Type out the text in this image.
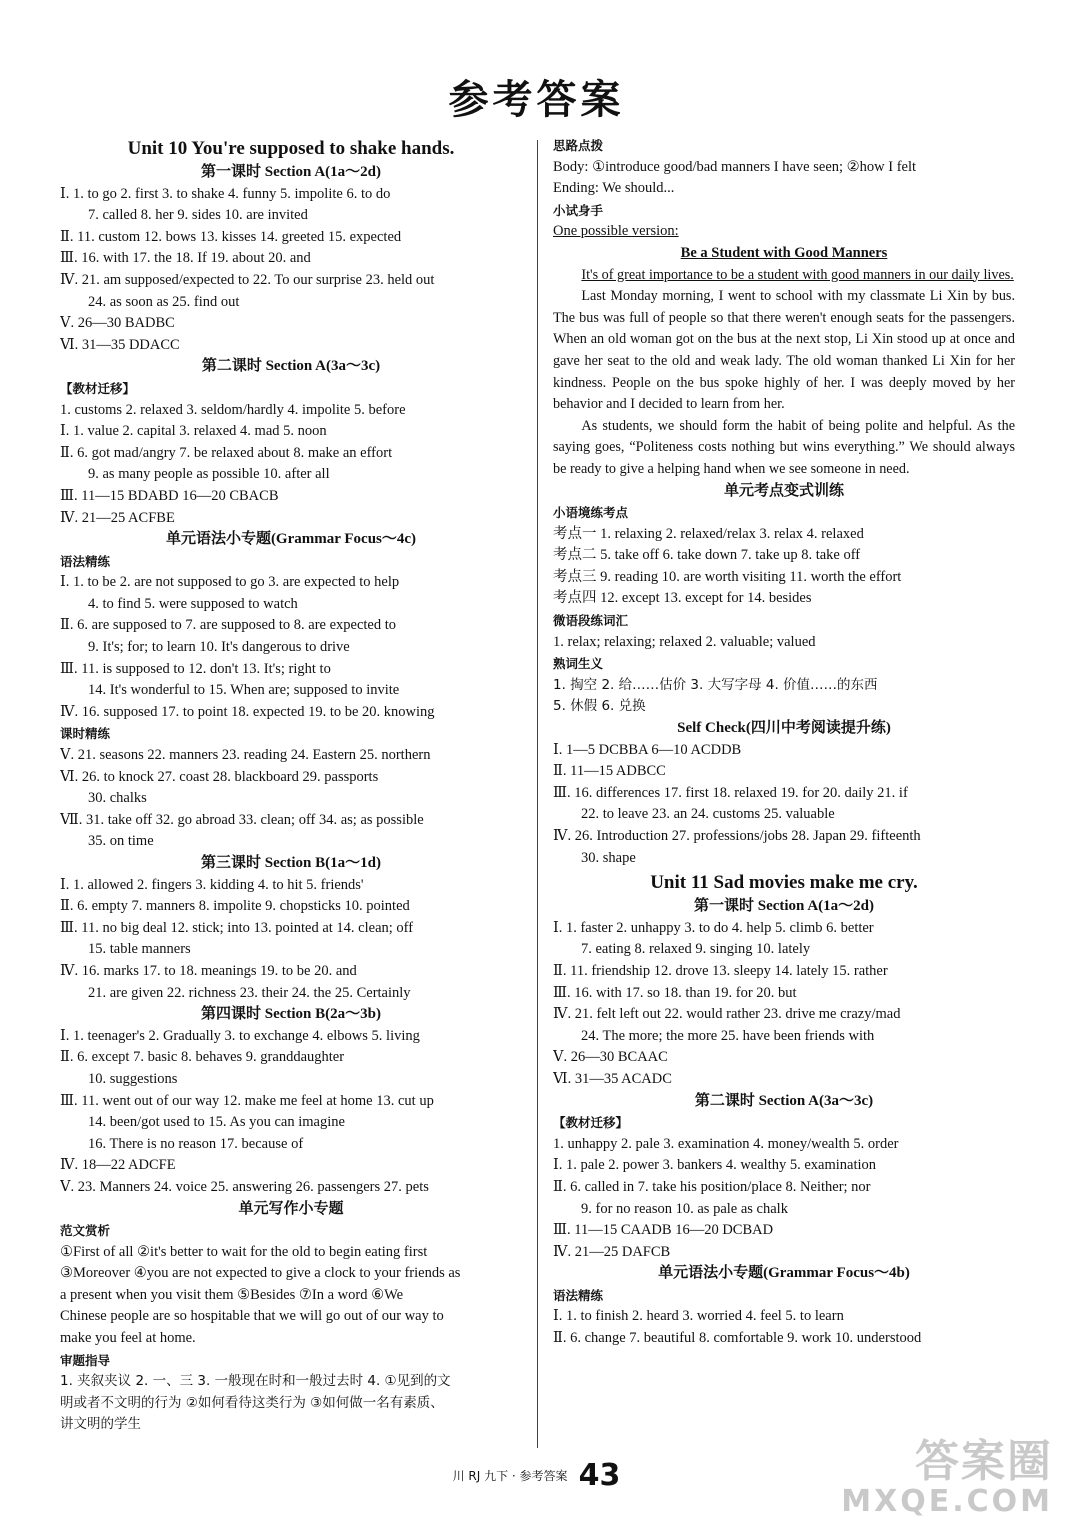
参考答案
Unit 10 You're supposed to shake hands.
第一课时 Section A(1a～2d)
Ⅰ. 1. to go 2. first 3. to shake 4. funny 5. impolite 6. to do
7. called 8. her 9. sides 10. are invited
Ⅱ. 11. custom 12. bows 13. kisses 14. greeted 15. expected
Ⅲ. 16. with 17. the 18. If 19. about 20. and
Ⅳ. 21. am supposed/expected to 22. To our surprise 23. held out
24. as soon as 25. find out
Ⅴ. 26—30 BADBC
Ⅵ. 31—35 DDACC
第二课时 Section A(3a～3c)
【教材迁移】
1. customs 2. relaxed 3. seldom/hardly 4. impolite 5. before
Ⅰ. 1. value 2. capital 3. relaxed 4. mad 5. noon
Ⅱ. 6. got mad/angry 7. be relaxed about 8. make an effort
9. as many people as possible 10. after all
Ⅲ. 11—15 BDABD 16—20 CBACB
Ⅳ. 21—25 ACFBE
单元语法小专题(Grammar Focus～4c)
语法精练
Ⅰ. 1. to be 2. are not supposed to go 3. are expected to help
4. to find 5. were supposed to watch
Ⅱ. 6. are supposed to 7. are supposed to 8. are expected to
9. It's; for; to learn 10. It's dangerous to drive
Ⅲ. 11. is supposed to 12. don't 13. It's; right to
14. It's wonderful to 15. When are; supposed to invite
Ⅳ. 16. supposed 17. to point 18. expected 19. to be 20. knowing
课时精练
Ⅴ. 21. seasons 22. manners 23. reading 24. Eastern 25. northern
Ⅵ. 26. to knock 27. coast 28. blackboard 29. passports
30. chalks
Ⅶ. 31. take off 32. go abroad 33. clean; off 34. as; as possible
35. on time
第三课时 Section B(1a～1d)
Ⅰ. 1. allowed 2. fingers 3. kidding 4. to hit 5. friends'
Ⅱ. 6. empty 7. manners 8. impolite 9. chopsticks 10. pointed
Ⅲ. 11. no big deal 12. stick; into 13. pointed at 14. clean; off
15. table manners
Ⅳ. 16. marks 17. to 18. meanings 19. to be 20. and
21. are given 22. richness 23. their 24. the 25. Certainly
第四课时 Section B(2a～3b)
Ⅰ. 1. teenager's 2. Gradually 3. to exchange 4. elbows 5. living
Ⅱ. 6. except 7. basic 8. behaves 9. granddaughter
10. suggestions
Ⅲ. 11. went out of our way 12. make me feel at home 13. cut up
14. been/got used to 15. As you can imagine
16. There is no reason 17. because of
Ⅳ. 18—22 ADCFE
Ⅴ. 23. Manners 24. voice 25. answering 26. passengers 27. pets
单元写作小专题
范文赏析
①First of all ②it's better to wait for the old to begin eating first
③Moreover ④you are not expected to give a clock to your friends as
a present when you visit them ⑤Besides ⑦In a word ⑥We
Chinese people are so hospitable that we will go out of our way to
make you feel at home.
审题指导
1. 夹叙夹议 2. 一、三 3. 一般现在时和一般过去时 4. ①见到的文
明或者不文明的行为 ②如何看待这类行为 ③如何做一名有素质、
讲文明的学生
思路点拨
Body: ①introduce good/bad manners I have seen; ②how I felt
Ending: We should...
小试身手
One possible version:
Be a Student with Good Manners

It's of great importance to be a student with good manners in our daily lives.

Last Monday morning, I went to school with my classmate Li Xin by bus. The bus was full of people so that there weren't enough seats for the passengers. When an old woman got on the bus at the next stop, Li Xin stood up at once and gave her seat to the old and weak lady. The old woman thanked Li Xin for her kindness. People on the bus spoke highly of her. I was deeply moved by her behavior and I decided to learn from her.

As students, we should form the habit of being polite and helpful. As the saying goes, “Politeness costs nothing but wins everything.” We should always be ready to give a helping hand when we see someone in need.

单元考点变式训练
小语境练考点
考点一 1. relaxing 2. relaxed/relax 3. relax 4. relaxed
考点二 5. take off 6. take down 7. take up 8. take off
考点三 9. reading 10. are worth visiting 11. worth the effort
考点四 12. except 13. except for 14. besides
微语段练词汇
1. relax; relaxing; relaxed 2. valuable; valued
熟词生义
1. 掏空 2. 给……估价 3. 大写字母 4. 价值……的东西
5. 休假 6. 兑换
Self Check(四川中考阅读提升练)
Ⅰ. 1—5 DCBBA 6—10 ACDDB
Ⅱ. 11—15 ADBCC
Ⅲ. 16. differences 17. first 18. relaxed 19. for 20. daily 21. if
22. to leave 23. an 24. customs 25. valuable
Ⅳ. 26. Introduction 27. professions/jobs 28. Japan 29. fifteenth
30. shape
Unit 11 Sad movies make me cry.
第一课时 Section A(1a～2d)
Ⅰ. 1. faster 2. unhappy 3. to do 4. help 5. climb 6. better
7. eating 8. relaxed 9. singing 10. lately
Ⅱ. 11. friendship 12. drove 13. sleepy 14. lately 15. rather
Ⅲ. 16. with 17. so 18. than 19. for 20. but
Ⅳ. 21. felt left out 22. would rather 23. drive me crazy/mad
24. The more; the more 25. have been friends with
Ⅴ. 26—30 BCAAC
Ⅵ. 31—35 ACADC
第二课时 Section A(3a～3c)
【教材迁移】
1. unhappy 2. pale 3. examination 4. money/wealth 5. order
Ⅰ. 1. pale 2. power 3. bankers 4. wealthy 5. examination
Ⅱ. 6. called in 7. take his position/place 8. Neither; nor
9. for no reason 10. as pale as chalk
Ⅲ. 11—15 CAADB 16—20 DCBAD
Ⅳ. 21—25 DAFCB
单元语法小专题(Grammar Focus～4b)
语法精练
Ⅰ. 1. to finish 2. heard 3. worried 4. feel 5. to learn
Ⅱ. 6. change 7. beautiful 8. comfortable 9. work 10. understood
川 RJ 九下 · 参考答案 43	答案圈
MXQE.COM
